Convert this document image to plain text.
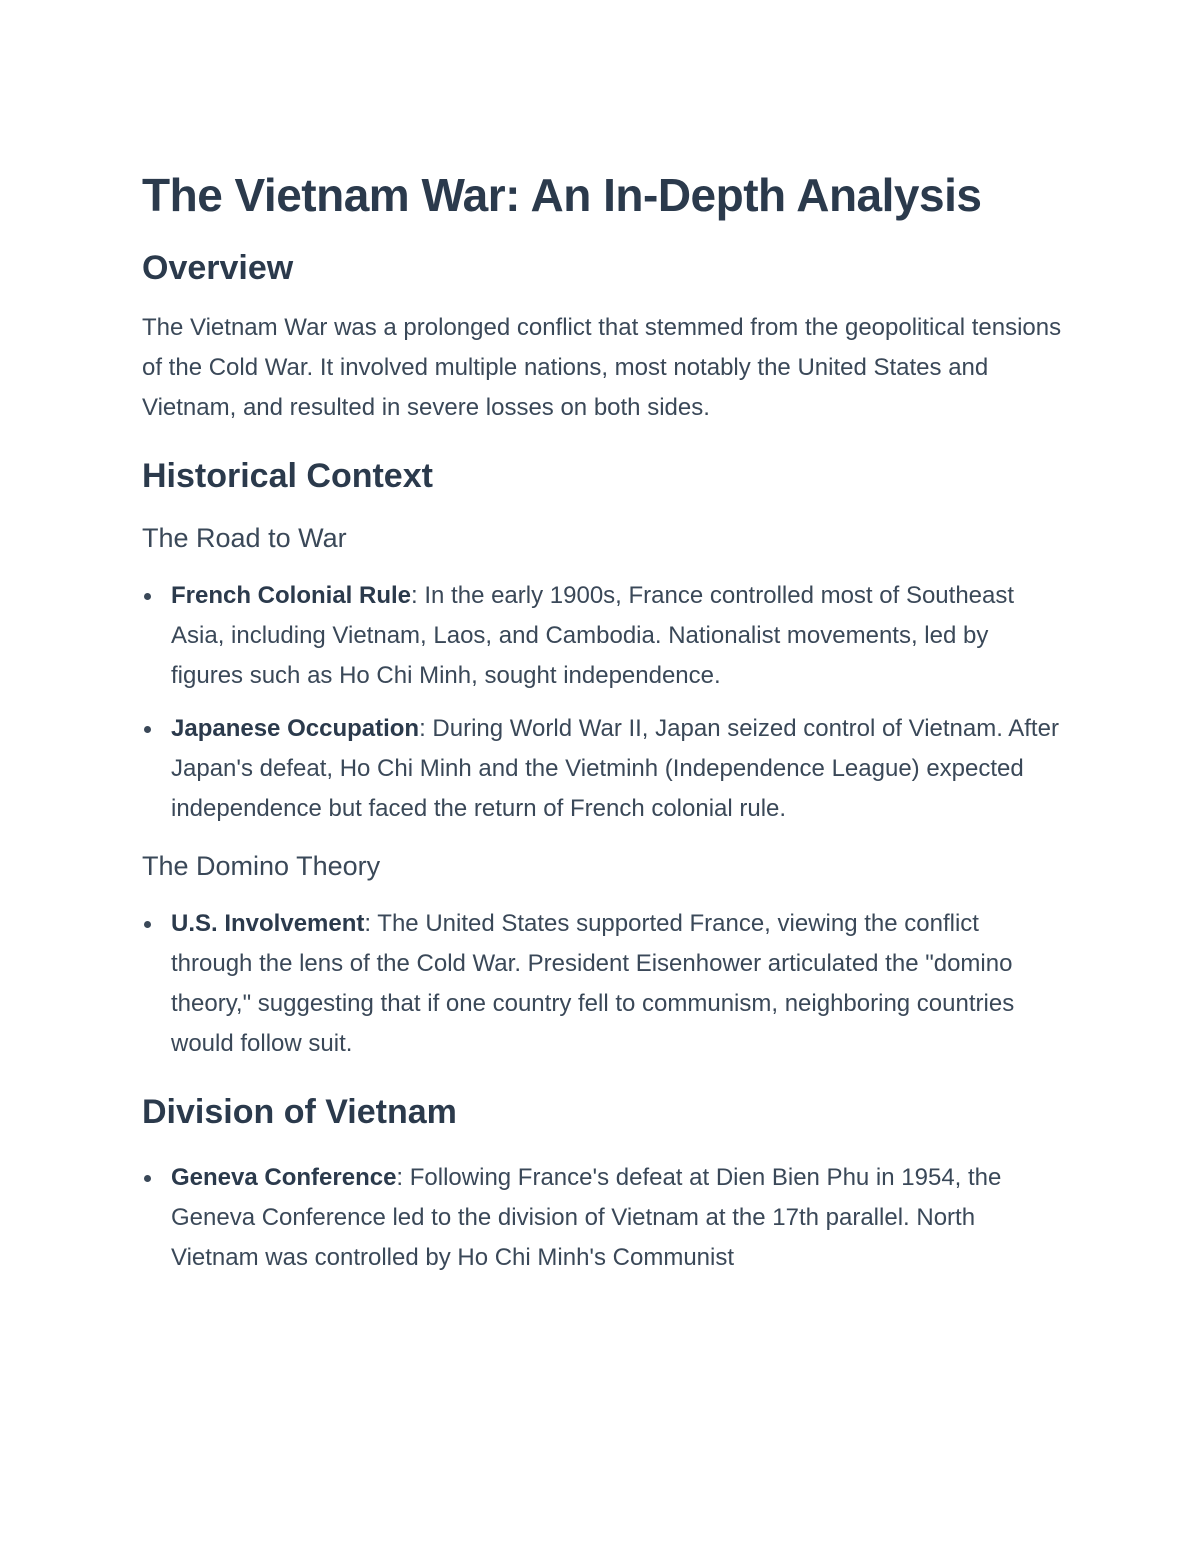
The Vietnam War: An In-Depth Analysis
Overview

The Vietnam War was a prolonged conflict that stemmed from the geopolitical tensions of the Cold War. It involved multiple nations, most notably the United States and Vietnam, and resulted in severe losses on both sides.

Historical Context
The Road to War
French Colonial Rule: In the early 1900s, France controlled most of Southeast Asia, including Vietnam, Laos, and Cambodia. Nationalist movements, led by figures such as Ho Chi Minh, sought independence.
Japanese Occupation: During World War II, Japan seized control of Vietnam. After Japan's defeat, Ho Chi Minh and the Vietminh (Independence League) expected independence but faced the return of French colonial rule.
The Domino Theory
U.S. Involvement: The United States supported France, viewing the conflict through the lens of the Cold War. President Eisenhower articulated the "domino theory," suggesting that if one country fell to communism, neighboring countries would follow suit.
Division of Vietnam
Geneva Conference: Following France's defeat at Dien Bien Phu in 1954, the Geneva Conference led to the division of Vietnam at the 17th parallel. North Vietnam was controlled by Ho Chi Minh's Communist
